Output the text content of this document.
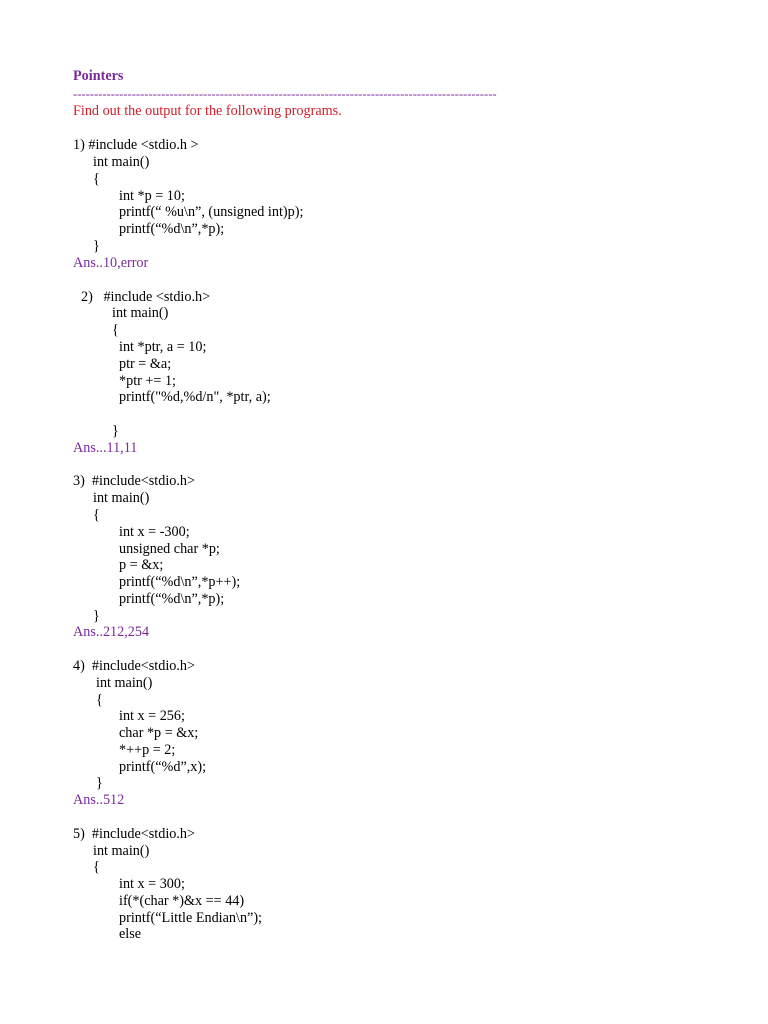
Pointers
-----------------------------------------------------------------------------------------------------
Find out the output for the following programs.
1) #include <stdio.h >
int main()
{
int *p = 10;
printf(“ %u\n”, (unsigned int)p);
printf(“%d\n”,*p);
}
Ans..10,error
2)   #include <stdio.h>
int main()
{
int *ptr, a = 10;
ptr = &a;
*ptr += 1;
printf("%d,%d/n", *ptr, a);
}
Ans...11,11
3)  #include<stdio.h>
int main()
{
int x = -300;
unsigned char *p;
p = &x;
printf(“%d\n”,*p++);
printf(“%d\n”,*p);
}
Ans..212,254
4)  #include<stdio.h>
int main()
{
int x = 256;
char *p = &x;
*++p = 2;
printf(“%d”,x);
}
Ans..512
5)  #include<stdio.h>
int main()
{
int x = 300;
if(*(char *)&x == 44)
printf(“Little Endian\n”);
else
